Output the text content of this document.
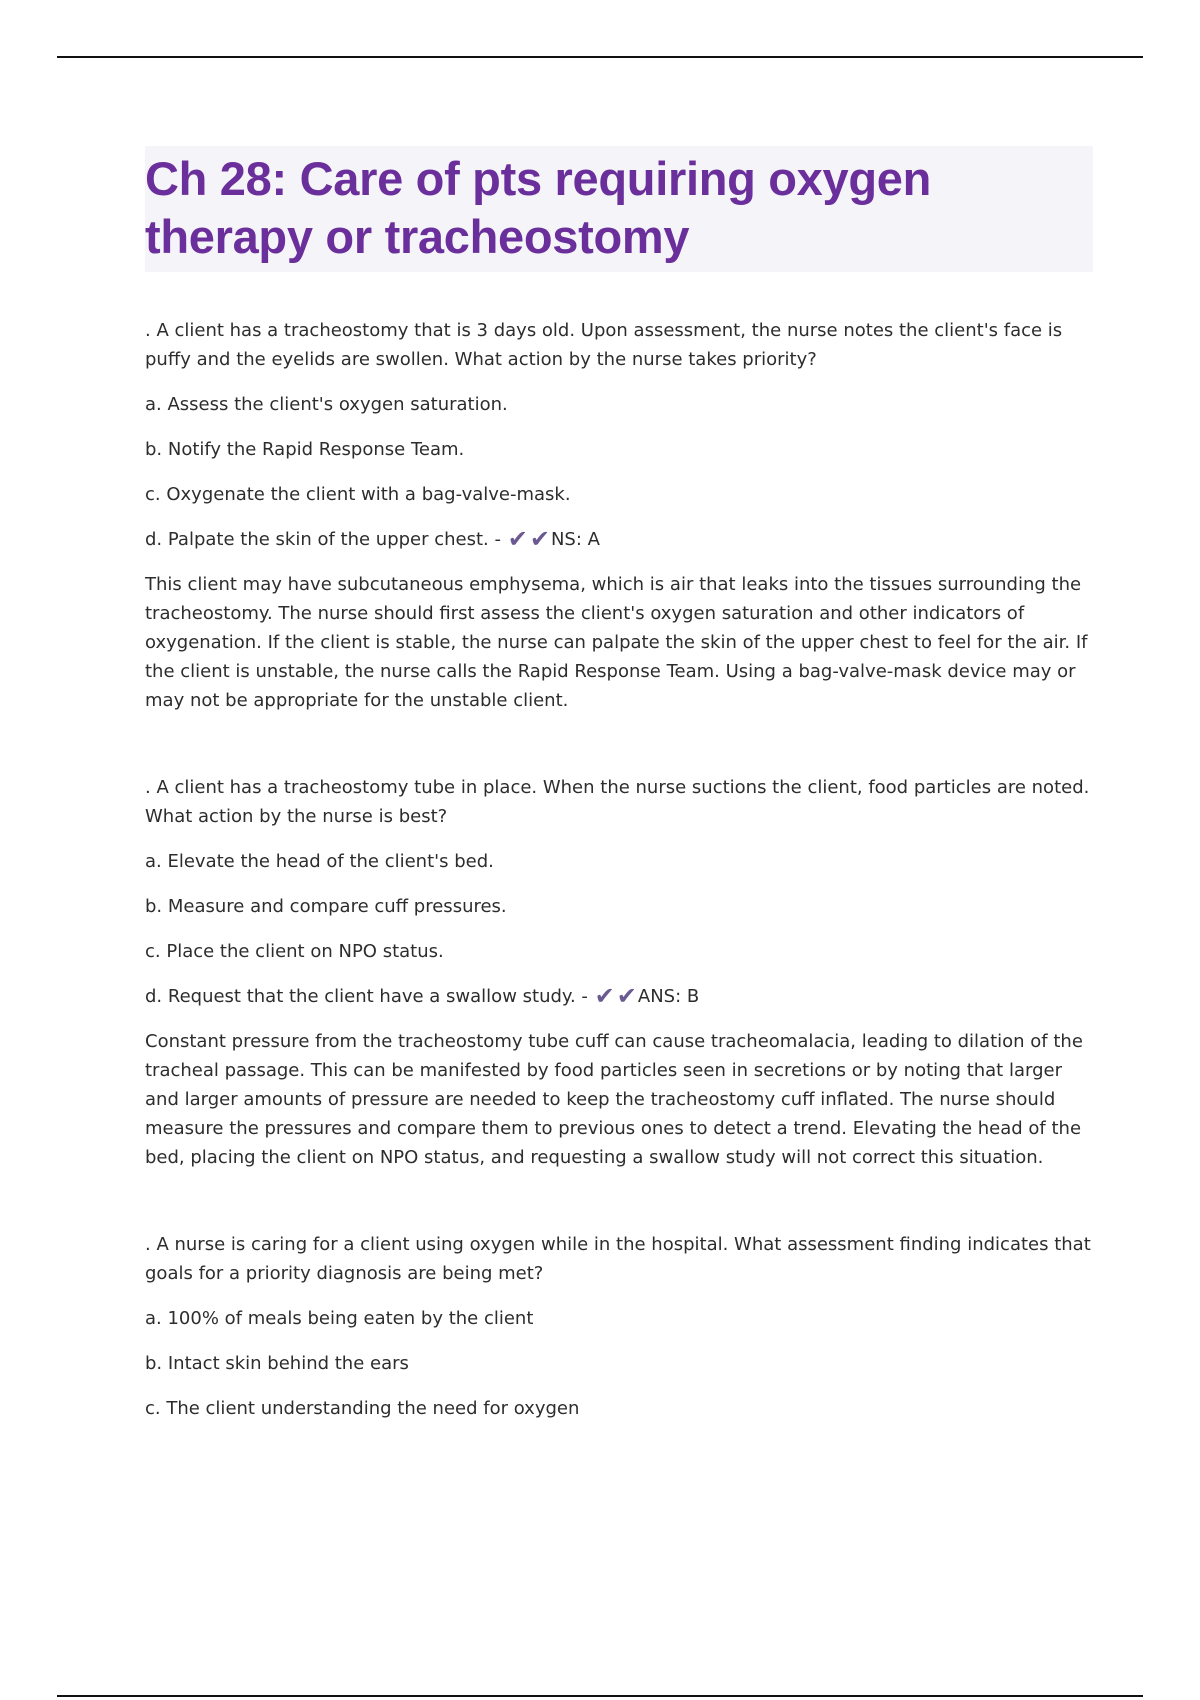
Ch 28: Care of pts requiring oxygen therapy or tracheostomy

. A client has a tracheostomy that is 3 days old. Upon assessment, the nurse notes the client's face is puffy and the eyelids are swollen. What action by the nurse takes priority?

a. Assess the client's oxygen saturation.

b. Notify the Rapid Response Team.

c. Oxygenate the client with a bag-valve-mask.

d. Palpate the skin of the upper chest. - ✔✔NS: A

This client may have subcutaneous emphysema, which is air that leaks into the tissues surrounding the tracheostomy. The nurse should first assess the client's oxygen saturation and other indicators of oxygenation. If the client is stable, the nurse can palpate the skin of the upper chest to feel for the air. If the client is unstable, the nurse calls the Rapid Response Team. Using a bag-valve-mask device may or may not be appropriate for the unstable client.

. A client has a tracheostomy tube in place. When the nurse suctions the client, food particles are noted. What action by the nurse is best?

a. Elevate the head of the client's bed.

b. Measure and compare cuff pressures.

c. Place the client on NPO status.

d. Request that the client have a swallow study. - ✔✔ANS: B

Constant pressure from the tracheostomy tube cuff can cause tracheomalacia, leading to dilation of the tracheal passage. This can be manifested by food particles seen in secretions or by noting that larger and larger amounts of pressure are needed to keep the tracheostomy cuff inflated. The nurse should measure the pressures and compare them to previous ones to detect a trend. Elevating the head of the bed, placing the client on NPO status, and requesting a swallow study will not correct this situation.

. A nurse is caring for a client using oxygen while in the hospital. What assessment finding indicates that goals for a priority diagnosis are being met?

a. 100% of meals being eaten by the client

b. Intact skin behind the ears

c. The client understanding the need for oxygen
